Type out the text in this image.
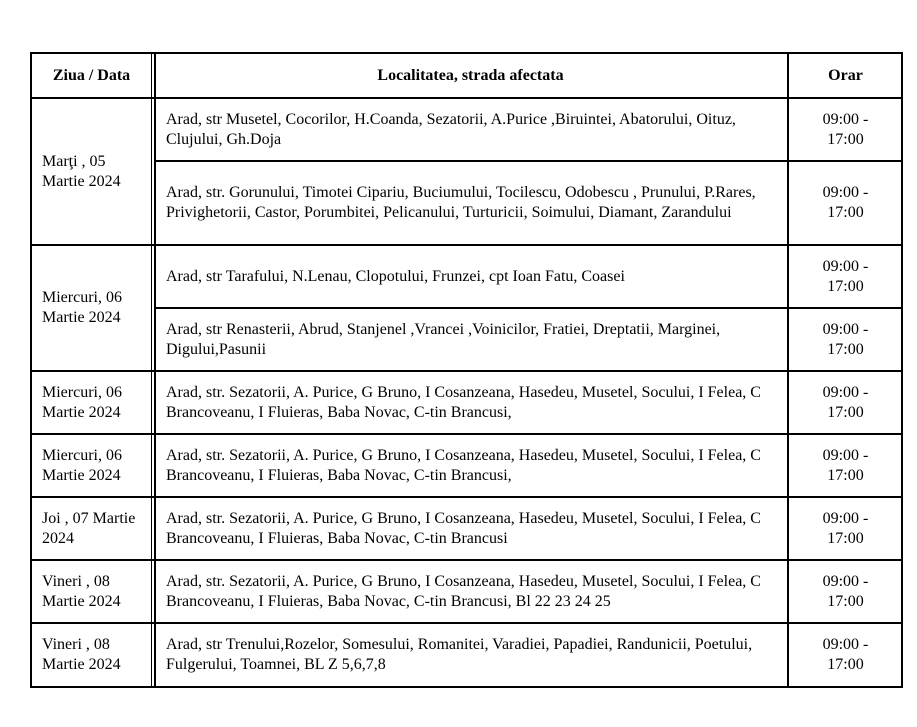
Ziua / Data	Localitatea, strada afectata	Orar
Marţi , 05
Martie 2024
Arad, str Musetel, Cocorilor, H.Coanda, Sezatorii, A.Purice ,Biruintei, Abatorului, Oituz, Clujului, Gh.Doja
09:00 -
17:00
Arad, str. Gorunului, Timotei Cipariu, Buciumului, Tocilescu, Odobescu , Prunului, P.Rares, Privighetorii, Castor, Porumbitei, Pelicanului, Turturicii, Soimului, Diamant, Zarandului
09:00 -
17:00
Miercuri, 06
Martie 2024
Arad, str Tarafului, N.Lenau, Clopotului, Frunzei, cpt Ioan Fatu, Coasei
09:00 -
17:00
Arad, str Renasterii, Abrud, Stanjenel ,Vrancei ,Voinicilor, Fratiei, Dreptatii, Marginei, Digului,Pasunii
09:00 -
17:00
Miercuri, 06
Martie 2024
Arad, str. Sezatorii, A. Purice, G Bruno, I Cosanzeana, Hasedeu, Musetel, Socului, I Felea, C Brancoveanu, I Fluieras, Baba Novac, C-tin Brancusi,
09:00 -
17:00
Miercuri, 06
Martie 2024
Arad, str. Sezatorii, A. Purice, G Bruno, I Cosanzeana, Hasedeu, Musetel, Socului, I Felea, C Brancoveanu, I Fluieras, Baba Novac, C-tin Brancusi,
09:00 -
17:00
Joi , 07 Martie
2024
Arad, str. Sezatorii, A. Purice, G Bruno, I Cosanzeana, Hasedeu, Musetel, Socului, I Felea, C Brancoveanu, I Fluieras, Baba Novac, C-tin Brancusi
09:00 -
17:00
Vineri , 08
Martie 2024
Arad, str. Sezatorii, A. Purice, G Bruno, I Cosanzeana, Hasedeu, Musetel, Socului, I Felea, C Brancoveanu, I Fluieras, Baba Novac, C-tin Brancusi, Bl 22 23 24 25
09:00 -
17:00
Vineri , 08
Martie 2024
Arad, str Trenului,Rozelor, Somesului, Romanitei, Varadiei, Papadiei, Randunicii, Poetului, Fulgerului, Toamnei, BL Z 5,6,7,8
09:00 -
17:00
